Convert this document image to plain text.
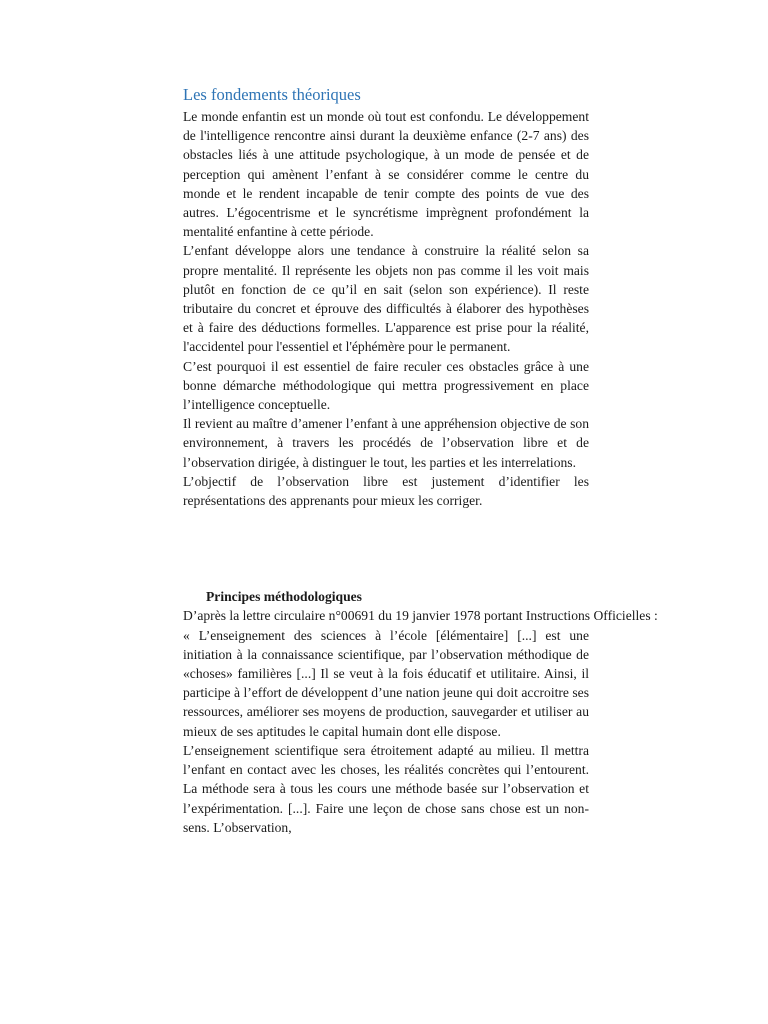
Les fondements théoriques

Le monde enfantin est un monde où tout est confondu. Le développement de l'intelligence rencontre ainsi durant la deuxième enfance (2-7 ans) des obstacles liés à une attitude psychologique, à un mode de pensée et de perception qui amènent l’enfant à se considérer comme le centre du monde et le rendent incapable de tenir compte des points de vue des autres. L’égocentrisme et le syncrétisme imprègnent profondément la mentalité enfantine à cette période.

L’enfant développe alors une tendance à construire la réalité selon sa propre mentalité. Il représente les objets non pas comme il les voit mais plutôt en fonction de ce qu’il en sait (selon son expérience). Il reste tributaire du concret et éprouve des difficultés à élaborer des hypothèses et à faire des déductions formelles. L'apparence est prise pour la réalité, l'accidentel pour l'essentiel et l'éphémère pour le permanent.

C’est pourquoi il est essentiel de faire reculer ces obstacles grâce à une bonne démarche méthodologique qui mettra progressivement en place l’intelligence conceptuelle.

Il revient au maître d’amener l’enfant à une appréhension objective de son environnement, à travers les procédés de l’observation libre et de l’observation dirigée, à distinguer le tout, les parties et les interrelations.

L’objectif de l’observation libre est justement d’identifier les représentations des apprenants pour mieux les corriger.

Principes méthodologiques

D’après la lettre circulaire n°00691 du 19 janvier 1978 portant Instructions Officielles :

« L’enseignement des sciences à l’école [élémentaire] [...] est une initiation à la connaissance scientifique, par l’observation méthodique de «choses» familières [...] Il se veut à la fois éducatif et utilitaire. Ainsi, il participe à l’effort de développent d’une nation jeune qui doit accroitre ses ressources, améliorer ses moyens de production, sauvegarder et utiliser au mieux de ses aptitudes le capital humain dont elle dispose.

L’enseignement scientifique sera étroitement adapté au milieu. Il mettra l’enfant en contact avec les choses, les réalités concrètes qui l’entourent. La méthode sera à tous les cours une méthode basée sur l’observation et l’expérimentation. [...]. Faire une leçon de chose sans chose est un non-sens. L’observation,
